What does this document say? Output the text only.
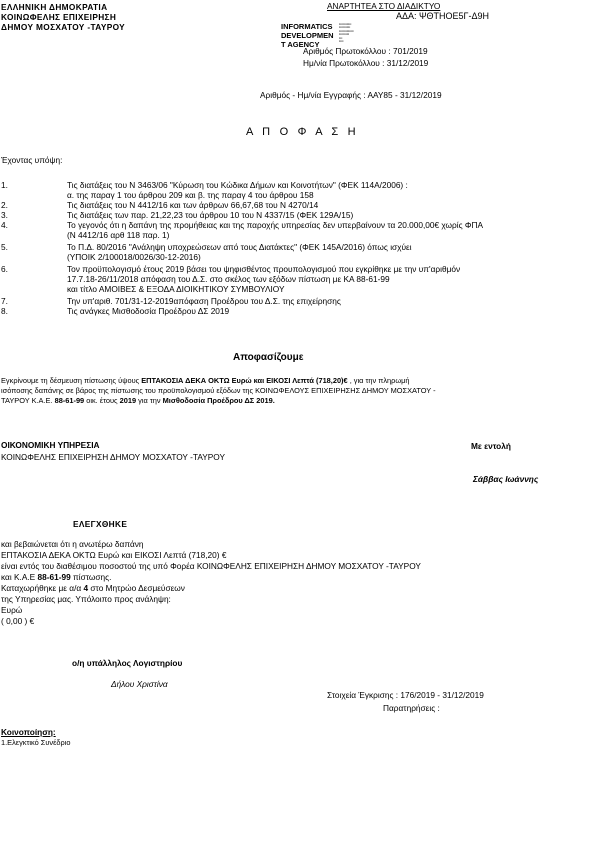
ΕΛΛΗΝΙΚΗ ΔΗΜΟΚΡΑΤΙΑ
ΚΟΙΝΩΦΕΛΗΣ ΕΠΙΧΕΙΡΗΣΗ
ΔΗΜΟΥ ΜΟΣΧΑΤΟΥ -ΤΑΥΡΟΥ
ΑΝΑΡΤΗΤΕΑ ΣΤΟ ΔΙΑΔΙΚΤΥΟ
ΑΔΑ: ΨΘΤΗΟΕ5Γ-Δ9Η
INFORMATICS
DEVELOPMEN
T AGENCY
▪▪▪▪▪▪▪▪▪▪▪
▪▪▪▪▪▪▪▪▪▪
▪▪▪▪▪▪▪▪▪▪▪▪▪
▪▪▪▪▪▪▪▪▪
▪▪▪
▪▪▪▪
Αριθμός Πρωτοκόλλου : 701/2019
Ημ/νία Πρωτοκόλλου : 31/12/2019
Αριθμός - Ημ/νία Εγγραφής : ΑΑΥ85 - 31/12/2019
Α Π Ο Φ Α Σ Η
Έχοντας υπόψη:
1.	Τις διατάξεις του Ν 3463/06 "Κύρωση του Κώδικα Δήμων και Κοινοτήτων" (ΦΕΚ 114Α/2006) :
α. της παραγ 1 του άρθρου 209 και β. της παραγ 4 του άρθρου 158
2.	Τις διατάξεις του Ν 4412/16 και των άρθρων 66,67,68 του Ν 4270/14
3.	Τις διατάξεις των παρ. 21,22,23 του άρθρου 10 του Ν 4337/15 (ΦΕΚ 129Α/15)
4.	Το γεγονός ότι η δαπάνη της προμήθειας και της παροχής υπηρεσίας δεν υπερβαίνουν τα 20.000,00€ χωρίς ΦΠΑ
(Ν 4412/16 αρθ 118 παρ. 1)
5.	Το Π.Δ. 80/2016 "Ανάληψη υποχρεώσεων από τους Διατάκτες" (ΦΕΚ 145Α/2016) όπως ισχύει
(ΥΠΟΙΚ 2/100018/0026/30-12-2016)
6.	Τον προϋπολογισμό έτους 2019 βάσει του ψηφισθέντος προυπολογισμού που εγκρίθηκε με την υπ'αριθμόν
17.7.18-26/11/2018 απόφαση του Δ.Σ. στο σκέλος των εξόδων πίστωση με ΚΑ 88-61-99
και τίτλο ΑΜΟΙΒΕΣ & ΕΞΟΔΑ ΔΙΟΙΚΗΤΙΚΟΥ ΣΥΜΒΟΥΛΙΟΥ
7.	Την υπ'αριθ. 701/31-12-2019απόφαση Προέδρου του Δ.Σ. της επιχείρησης
8.	Τις ανάγκες Μισθοδοσία Προέδρου ΔΣ 2019
Αποφασίζουμε
Εγκρίνουμε τη δέσμευση πίστωσης ύψους ΕΠΤΑΚΟΣΙΑ ΔΕΚΑ ΟΚΤΩ Ευρώ και ΕΙΚΟΣΙ Λεπτά (718,20)€ , για την πληρωμή
ισόποσης δαπάνης σε βάρος της πίστωσης του προϋπολογισμού εξόδων της ΚΟΙΝΩΦΕΛΟΥΣ ΕΠΙΧΕΙΡΗΣΗΣ ΔΗΜΟΥ ΜΟΣΧΑΤΟΥ -
ΤΑΥΡΟΥ Κ.Α.Ε. 88-61-99 οικ. έτους 2019 για την Μισθοδοσία Προέδρου ΔΣ 2019.
ΟΙΚΟΝΟΜΙΚΗ ΥΠΗΡΕΣΙΑ
ΚΟΙΝΩΦΕΛΗΣ ΕΠΙΧΕΙΡΗΣΗ ΔΗΜΟΥ ΜΟΣΧΑΤΟΥ -ΤΑΥΡΟΥ
Με εντολή
Σάββας Ιωάννης
ΕΛΕΓΧΘΗΚΕ
και βεβαιώνεται ότι η ανωτέρω δαπάνη
ΕΠΤΑΚΟΣΙΑ ΔΕΚΑ ΟΚΤΩ Ευρώ και ΕΙΚΟΣΙ Λεπτά (718,20) €
είναι εντός του διαθέσιμου ποσοστού της υπό Φορέα ΚΟΙΝΩΦΕΛΗΣ ΕΠΙΧΕΙΡΗΣΗ ΔΗΜΟΥ ΜΟΣΧΑΤΟΥ -ΤΑΥΡΟΥ
και Κ.Α.Ε 88-61-99 πίστωσης.
Καταχωρήθηκε με α/α 4 στο Μητρώο Δεσμεύσεων
της Υπηρεσίας μας. Υπόλοιπο προς ανάληψη:
Ευρώ
( 0,00 ) €
ο/η υπάλληλος Λογιστηρίου
Δήλου Χριστίνα
Στοιχεία Έγκρισης : 176/2019 - 31/12/2019
Παρατηρήσεις :
Κοινοποίηση:
1.Ελεγκτικό Συνέδριο
